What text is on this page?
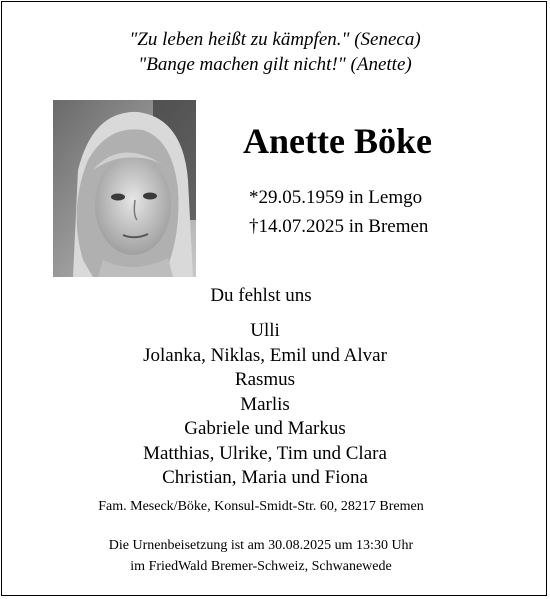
"Zu leben heißt zu kämpfen." (Seneca)
"Bange machen gilt nicht!" (Anette)
Anette Böke
*29.05.1959 in Lemgo
†14.07.2025 in Bremen
Du fehlst uns
Ulli
Jolanka, Niklas, Emil und Alvar
Rasmus
Marlis
Gabriele und Markus
Matthias, Ulrike, Tim und Clara
Christian, Maria und Fiona
Fam. Meseck/Böke, Konsul-Smidt-Str. 60, 28217 Bremen
Die Urnenbeisetzung ist am 30.08.2025 um 13:30 Uhr
im FriedWald Bremer-Schweiz, Schwanewede
